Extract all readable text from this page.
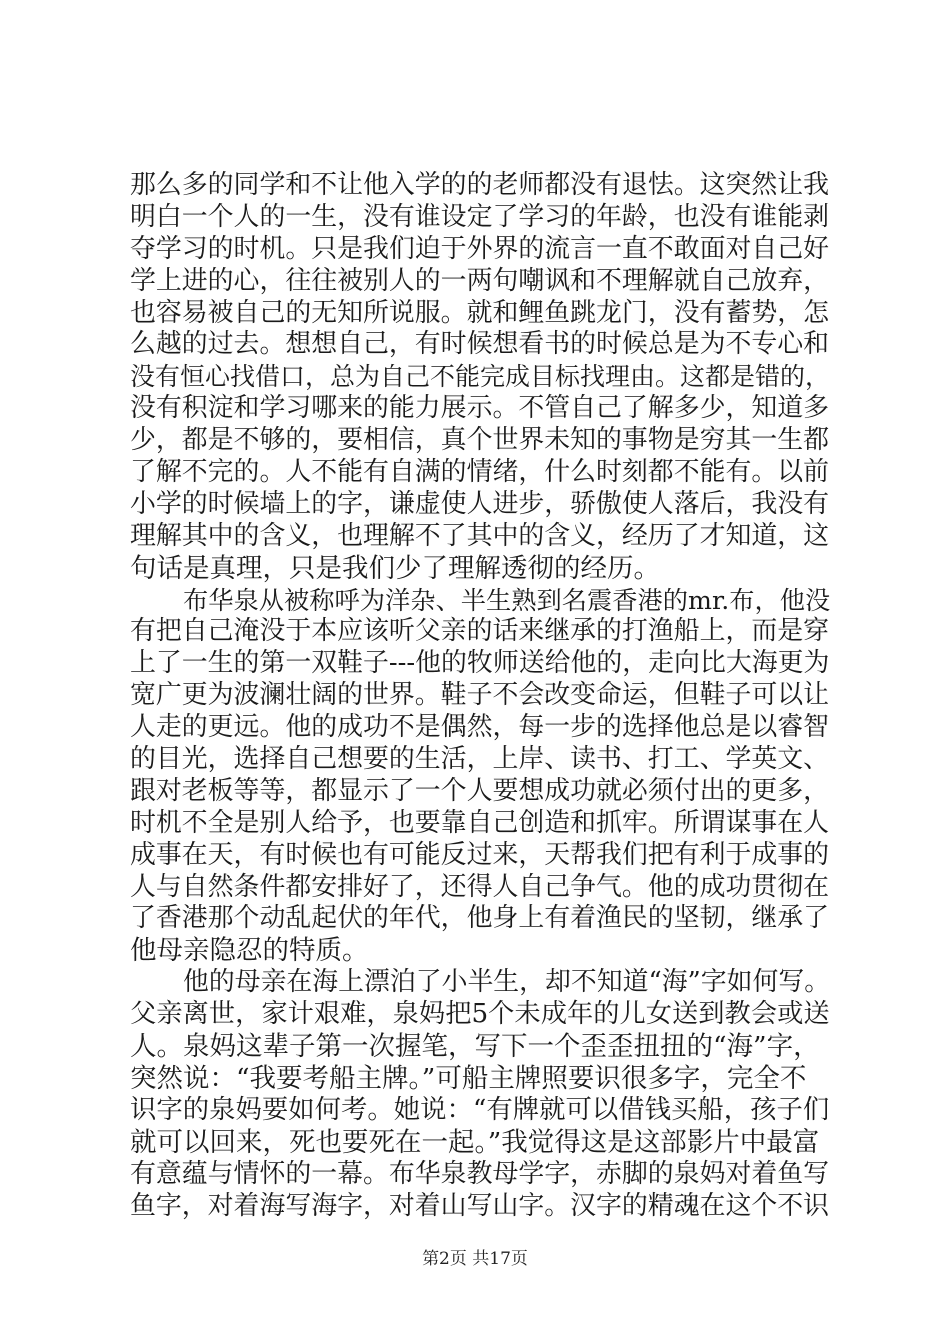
那么多的同学和不让他入学的的老师都没有退怯。这突然让我
明白一个人的一生，没有谁设定了学习的年龄，也没有谁能剥
夺学习的时机。只是我们迫于外界的流言一直不敢面对自己好
学上进的心，往往被别人的一两句嘲讽和不理解就自己放弃，
也容易被自己的无知所说服。就和鲤鱼跳龙门，没有蓄势，怎
么越的过去。想想自己，有时候想看书的时候总是为不专心和
没有恒心找借口，总为自己不能完成目标找理由。这都是错的，
没有积淀和学习哪来的能力展示。不管自己了解多少，知道多
少，都是不够的，要相信，真个世界未知的事物是穷其一生都
了解不完的。人不能有自满的情绪，什么时刻都不能有。以前
小学的时候墙上的字，谦虚使人进步，骄傲使人落后，我没有
理解其中的含义，也理解不了其中的含义，经历了才知道，这
句话是真理，只是我们少了理解透彻的经历。
布华泉从被称呼为洋杂、半生熟到名震香港的mr.布，他没
有把自己淹没于本应该听父亲的话来继承的打渔船上，而是穿
上了一生的第一双鞋子---他的牧师送给他的，走向比大海更为
宽广更为波澜壮阔的世界。鞋子不会改变命运，但鞋子可以让
人走的更远。他的成功不是偶然，每一步的选择他总是以睿智
的目光，选择自己想要的生活，上岸、读书、打工、学英文、
跟对老板等等，都显示了一个人要想成功就必须付出的更多，
时机不全是别人给予，也要靠自己创造和抓牢。所谓谋事在人
成事在天，有时候也有可能反过来，天帮我们把有利于成事的
人与自然条件都安排好了，还得人自己争气。他的成功贯彻在
了香港那个动乱起伏的年代，他身上有着渔民的坚韧，继承了
他母亲隐忍的特质。
他的母亲在海上漂泊了小半生，却不知道“海”字如何写。
父亲离世，家计艰难，泉妈把5个未成年的儿女送到教会或送
人。泉妈这辈子第一次握笔，写下一个歪歪扭扭的“海”字，
突然说：“我要考船主牌。”可船主牌照要识很多字，完全不
识字的泉妈要如何考。她说：“有牌就可以借钱买船，孩子们
就可以回来，死也要死在一起。”我觉得这是这部影片中最富
有意蕴与情怀的一幕。布华泉教母学字，赤脚的泉妈对着鱼写
鱼字，对着海写海字，对着山写山字。汉字的精魂在这个不识
第2页 共17页
